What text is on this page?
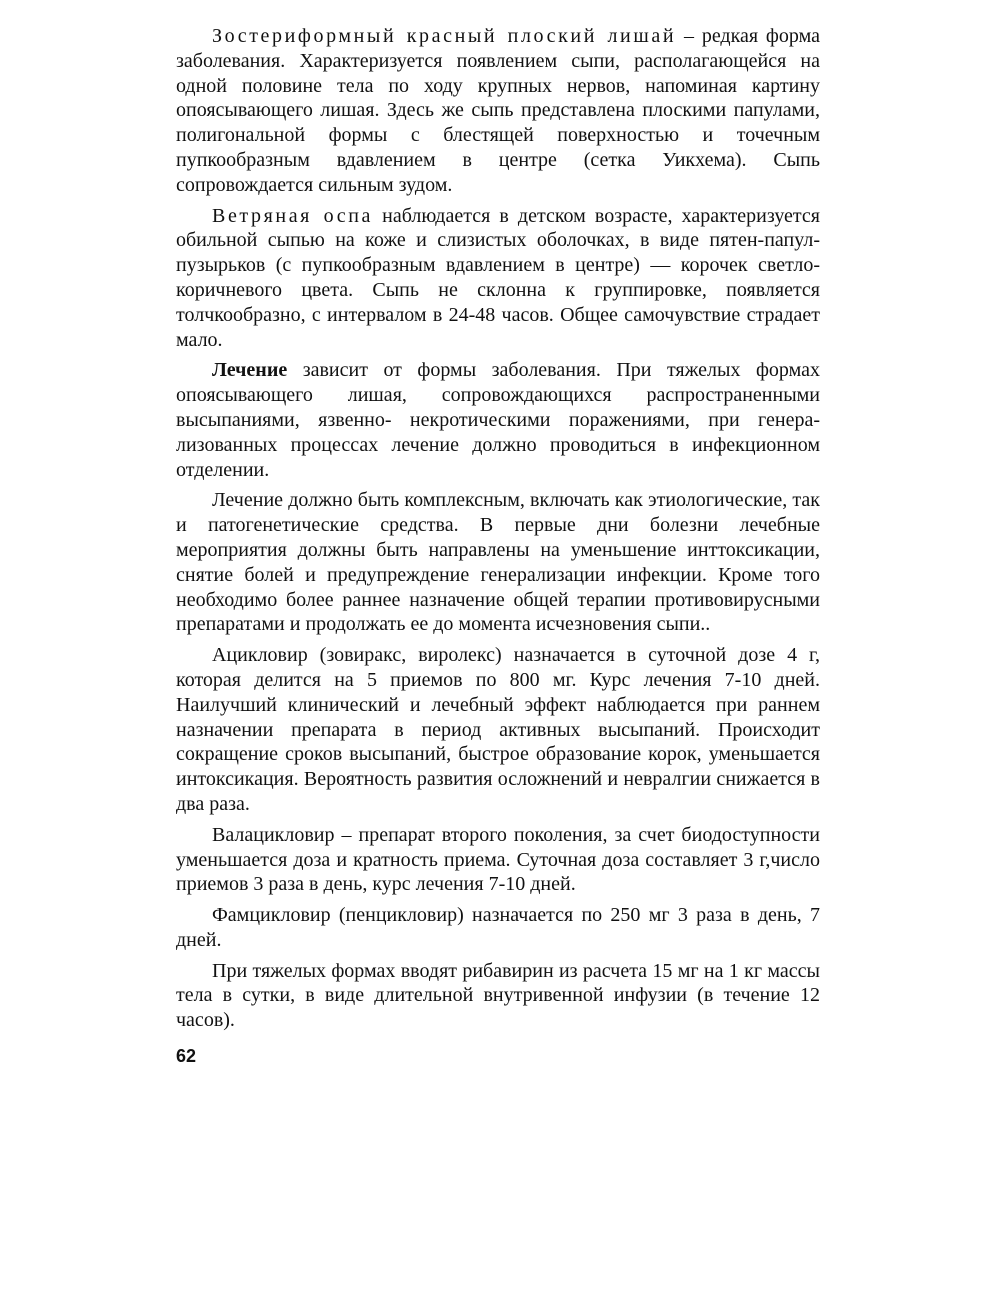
Зостериформный красный плоский лишай – редкая форма заболевания. Характеризуется появлением сыпи, располагающейся на одной половине тела по ходу крупных нервов, напоминая картину опоясывающего лишая. Здесь же сыпь представлена плоскими папулами, полигональной формы с блестящей поверхностью и точечным пупкообразным вдавлением в центре (сетка Уикхема). Сыпь сопровождается сильным зудом.

Ветряная оспа наблюдается в детском возрасте, характеризуется обильной сыпью на коже и слизистых оболочках, в виде пятен-папул-пузырьков (с пупкообразным вдавлением в центре) — корочек светло-коричневого цвета. Сыпь не склонна к группировке, появляется толчкообразно, с интервалом в 24-48 часов. Общее самочувствие страдает мало.

Лечение зависит от формы заболевания. При тяжелых формах опоясывающего лишая, сопровождающихся распространенными высыпаниями, язвенно- некротическими поражениями, при генерализованных процессах лечение должно проводиться в инфекционном отделении.

Лечение должно быть комплексным, включать как этиологические, так и патогенетические средства. В первые дни болезни лечебные мероприятия должны быть направлены на уменьшение инттоксикации, снятие болей и предупреждение генерализации инфекции. Кроме того необходимо более раннее назначение общей терапии противовирусными препаратами и продолжать ее до момента исчезновения сыпи..

Ацикловир (зовиракс, виролекс) назначается в суточной дозе 4 г, которая делится на 5 приемов по 800 мг. Курс лечения 7-10 дней. Наилучший клинический и лечебный эффект наблюдается при раннем назначении препарата в период активных высыпаний. Происходит сокращение сроков высыпаний, быстрое образование корок, уменьшается интоксикация. Вероятность развития осложнений и невралгии снижается в два раза.

Валацикловир – препарат второго поколения, за счет биодоступности уменьшается доза и кратность приема. Суточная доза составляет 3 г,число приемов 3 раза в день, курс лечения 7-10 дней.

Фамцикловир (пенцикловир) назначается по 250 мг 3 раза в день, 7 дней.

При тяжелых формах вводят рибавирин из расчета 15 мг на 1 кг массы тела в сутки, в виде длительной внутривенной инфузии (в течение 12 часов).

62
